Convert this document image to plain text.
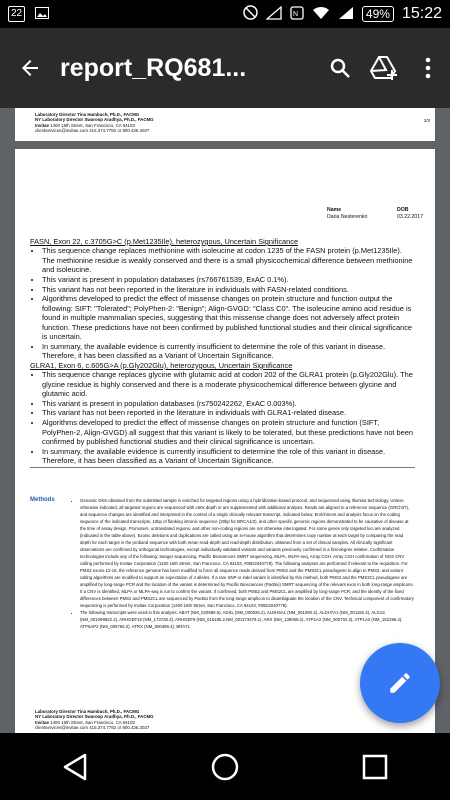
22	N	49% 15:22
report_RQ681...
Laboratory Director Tina Hambuch, Ph.D., FACMG
NY Laboratory Director Swaroop Aradhya, Ph.D., FACMG
Invitae 1400 16th Street, San Francisco, CA 94103
clientservices@invitae.com 415.374.7782 or 800.436.3037
2/3
Name	DOB
Daria Nesterenko	03.22.2017
FASN, Exon 22, c.3705G>C (p.Met1235Ile), heterozygous, Uncertain Significance
• This sequence change replaces methionine with isoleucine at codon 1235 of the FASN protein (p.Met1235Ile). The methionine residue is weakly conserved and there is a small physicochemical difference between methionine and isoleucine.
• This variant is present in population databases (rs766761539, ExAC 0.1%).
• This variant has not been reported in the literature in individuals with FASN-related conditions.
• Algorithms developed to predict the effect of missense changes on protein structure and function output the following: SIFT: "Tolerated"; PolyPhen-2: "Benign"; Align-GVGD: "Class C0". The isoleucine amino acid residue is found in multiple mammalian species, suggesting that this missense change does not adversely affect protein function. These predictions have not been confirmed by published functional studies and their clinical significance is uncertain.
• In summary, the available evidence is currently insufficient to determine the role of this variant in disease. Therefore, it has been classified as a Variant of Uncertain Significance.
GLRA1, Exon 6, c.605G>A (p.Gly202Glu), heterozygous, Uncertain Significance
• This sequence change replaces glycine with glutamic acid at codon 202 of the GLRA1 protein (p.Gly202Glu). The glycine residue is highly conserved and there is a moderate physicochemical difference between glycine and glutamic acid.
• This variant is present in population databases (rs750242262, ExAC 0.003%).
• This variant has not been reported in the literature in individuals with GLRA1-related disease.
• Algorithms developed to predict the effect of missense changes on protein structure and function (SIFT, PolyPhen-2, Align-GVGD) all suggest that this variant is likely to be tolerated, but these predictions have not been confirmed by published functional studies and their clinical significance is uncertain.
• In summary, the available evidence is currently insufficient to determine the role of this variant in disease. Therefore, it has been classified as a Variant of Uncertain Significance.
Methods
•	Genomic DNA obtained from the submitted sample is enriched for targeted regions using a hybridization-based protocol, and sequenced using Illumina technology. Unless otherwise indicated, all targeted regions are sequenced with ≥50x depth or are supplemented with additional analysis. Reads are aligned to a reference sequence (GRCh37), and sequence changes are identified and interpreted in the context of a single clinically relevant transcript, indicated below. Enrichment and analysis focus on the coding sequence of the indicated transcripts, 10bp of flanking intronic sequence (20bp for BRCA1/2), and other specific genomic regions demonstrated to be causative of disease at the time of assay design. Promoters, untranslated regions, and other non-coding regions are not otherwise interrogated. For some genes only targeted loci are analyzed (indicated in the table above). Exonic deletions and duplications are called using an in-house algorithm that determines copy number at each target by comparing the read depth for each target in the proband sequence with both mean read-depth and read-depth distribution, obtained from a set of clinical samples. All clinically significant observations are confirmed by orthogonal technologies, except individually validated variants and variants previously confirmed in a first-degree relative. Confirmation technologies include any of the following: Sanger sequencing, Pacific Biosciences SMRT sequencing, MLPA, MLPA-seq, Array CGH. Array CGH confirmation of NGS CNV calling performed by Invitae Corporation (1400 16th Street, San Francisco, CA 94103, #05D2040778). The following analyses are performed if relevant to the requisition. For PMS2 exons 12-15, the reference genome has been modified to force all sequence reads derived from PMS2 and the PMS2CL pseudogene to align to PMS2, and variant calling algorithms are modified to support an expectation of 4 alleles. If a rare SNP or indel variant is identified by this method, both PMS2 and the PMS2CL pseudogene are amplified by long-range PCR and the location of the variant is determined by Pacific Biosciences (PacBio) SMRT sequencing of the relevant exon in both long-range amplicons. If a CNV is identified, MLPA or MLPA-seq is run to confirm the variant. If confirmed, both PMS2 and PMS2CL are amplified by long-range PCR, and the identity of the fixed differences between PMS2 and PMS2CL are sequenced by PacBio from the long-range amplicon to disambiguate the location of the CNV. Technical component of confirmatory sequencing is performed by Invitae Corporation (1400 16th Street, San Francisco, CA 94103, #05D2040778).
• The following transcripts were used in this analysis: ABAT (NM_020686.5), ADSL (NM_000026.2), ALDH5A1 (NM_001080.3), ALDH7A1 (NM_001182.4), ALG13 (NM_001099922.2), ARHGEF15 (NM_173728.3), ARHGEF9 (NM_015185.2,NM_001173479.1), ARX (NM_139058.2), ATP1A2 (NM_000702.3), ATP1A3 (NM_152296.4), ATP6AP2 (NM_005765.2), ATRX (NM_000489.4), BRAT1
Laboratory Director Tina Hambuch, Ph.D., FACMG
NY Laboratory Director Swaroop Aradhya, Ph.D., FACMG
Invitae 1400 16th Street, San Francisco, CA 94103
clientservices@invitae.com 415.374.7782 or 800.436.3037
